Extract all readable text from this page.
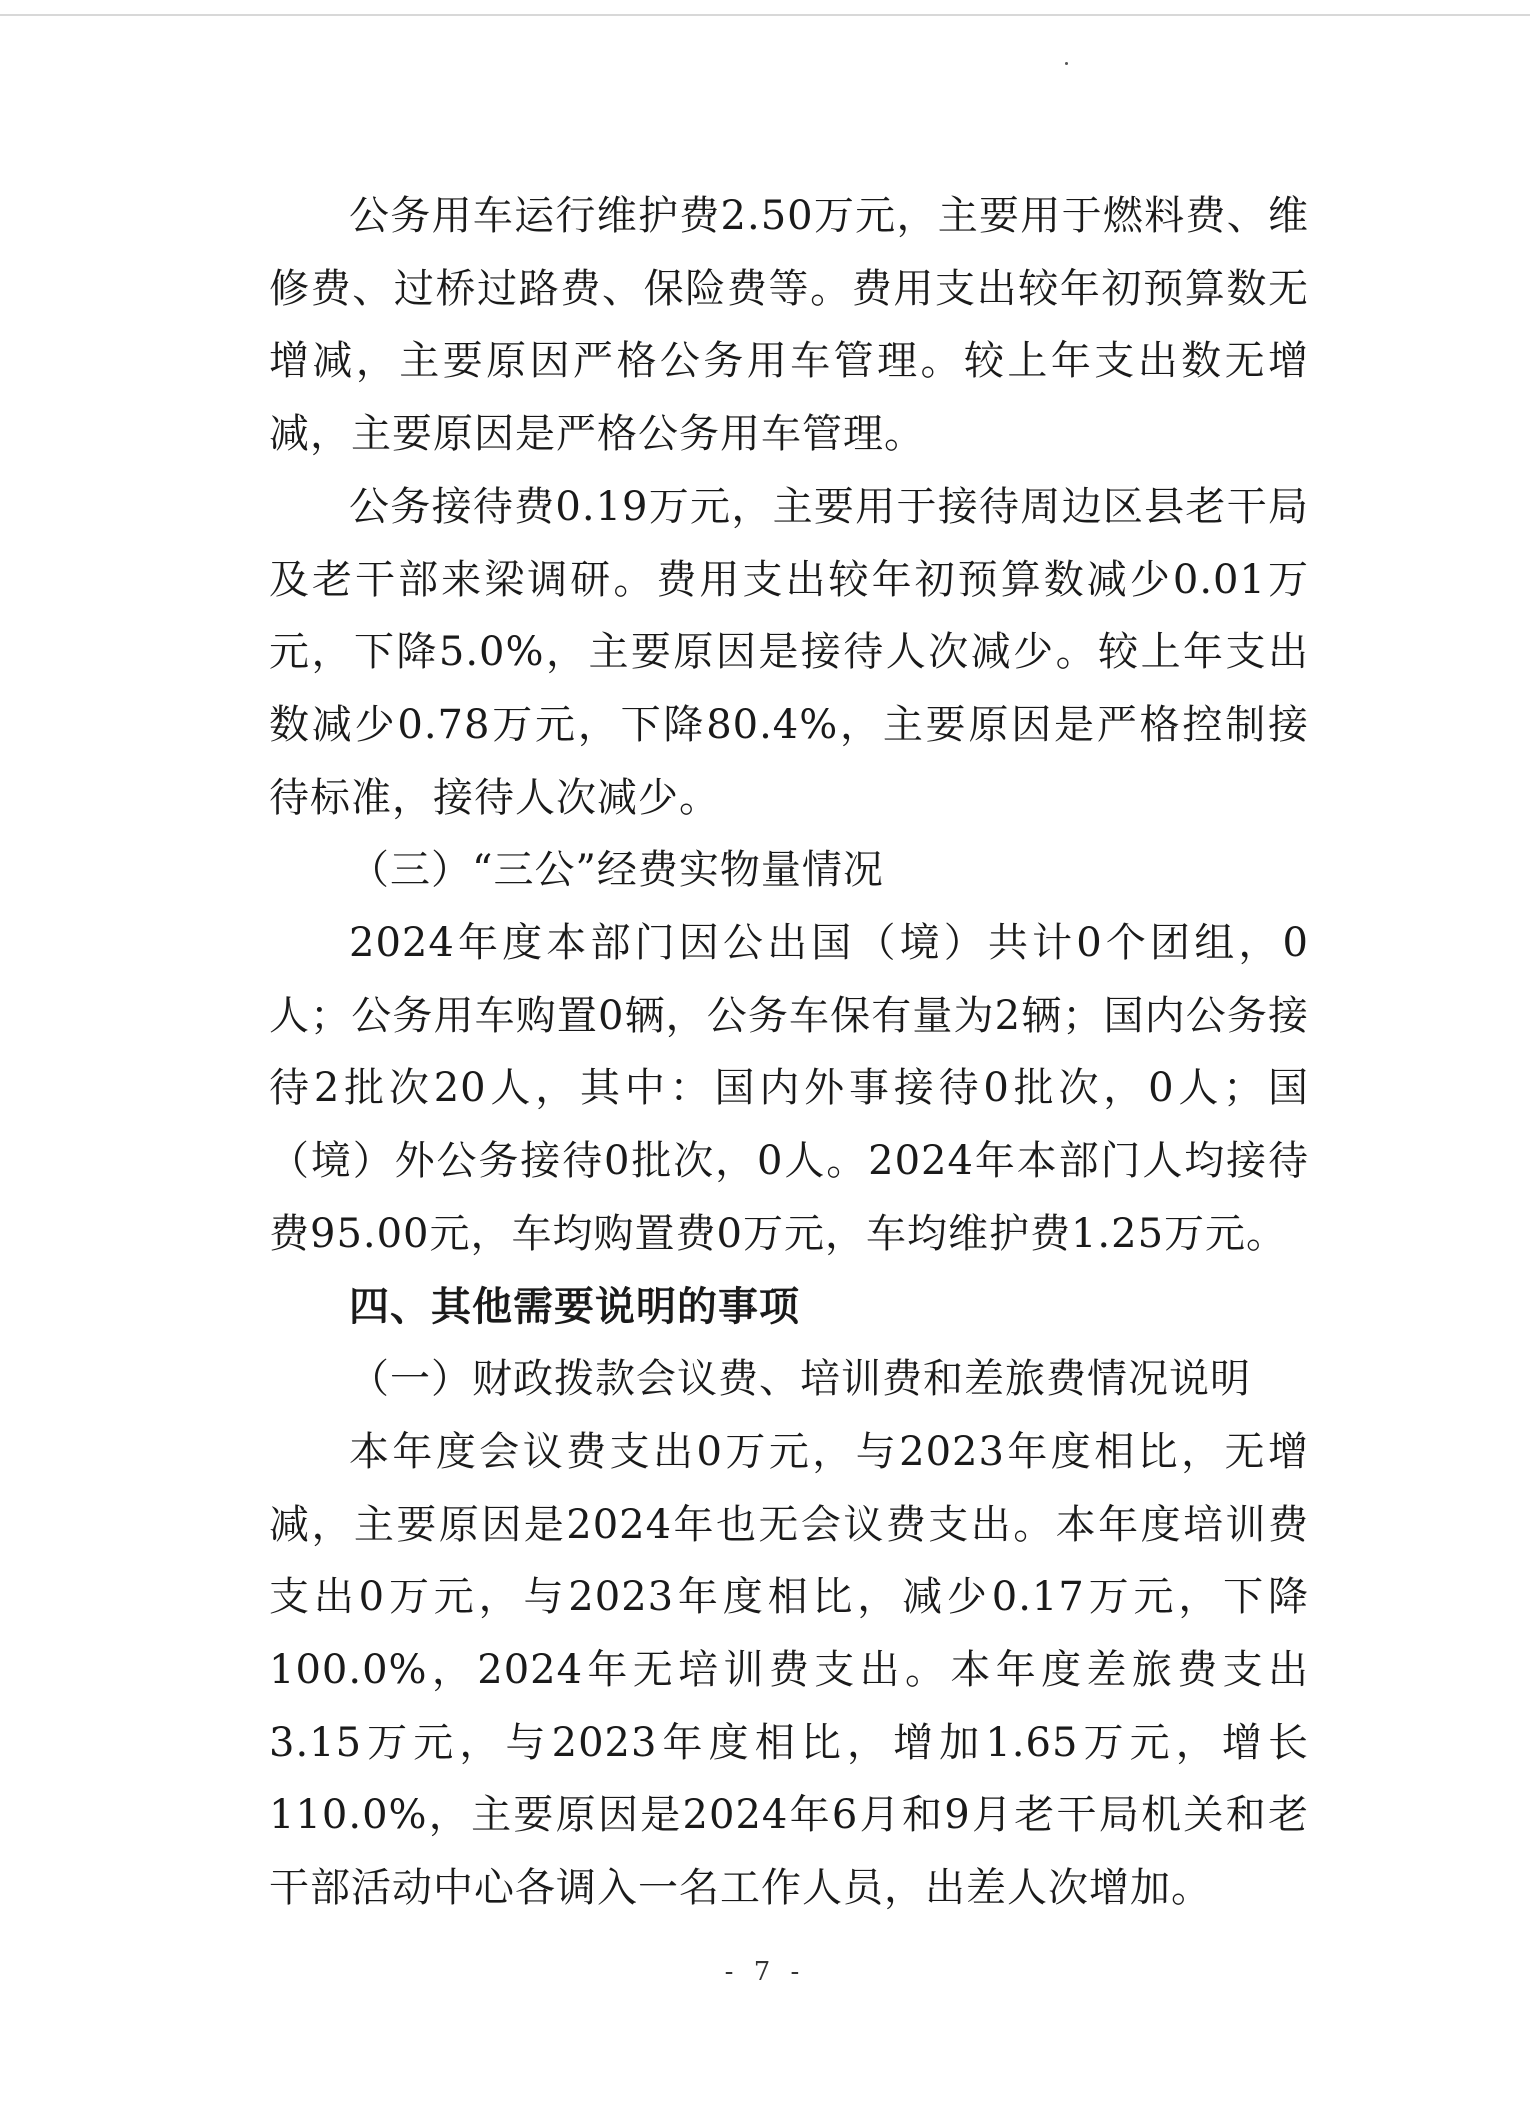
公务用车运行维护费2.50万元，主要用于燃料费、维修费、过桥过路费、保险费等。费用支出较年初预算数无增减，主要原因严格公务用车管理。较上年支出数无增减，主要原因是严格公务用车管理。

公务接待费0.19万元，主要用于接待周边区县老干局及老干部来梁调研。费用支出较年初预算数减少0.01万元，下降5.0%，主要原因是接待人次减少。较上年支出数减少0.78万元，下降80.4%，主要原因是严格控制接待标准，接待人次减少。

（三）“三公”经费实物量情况

2024年度本部门因公出国（境）共计0个团组，0人；公务用车购置0辆，公务车保有量为2辆；国内公务接待2批次20人，其中：国内外事接待0批次，0人；国（境）外公务接待0批次，0人。2024年本部门人均接待费95.00元，车均购置费0万元，车均维护费1.25万元。

四、其他需要说明的事项

（一）财政拨款会议费、培训费和差旅费情况说明

本年度会议费支出0万元，与2023年度相比，无增减，主要原因是2024年也无会议费支出。本年度培训费支出0万元，与2023年度相比，减少0.17万元，下降100.0%，2024年无培训费支出。本年度差旅费支出3.15万元，与2023年度相比，增加1.65万元，增长110.0%，主要原因是2024年6月和9月老干局机关和老干部活动中心各调入一名工作人员，出差人次增加。

- 7 -
